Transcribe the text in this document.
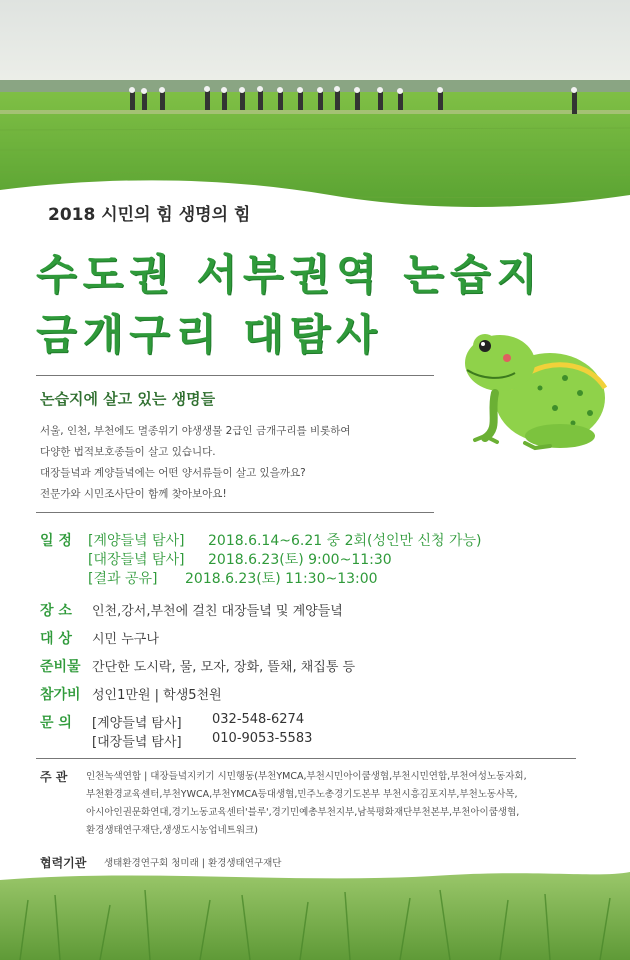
2018 시민의 힘 생명의 힘
수도권 서부권역 논습지
금개구리 대탐사
논습지에 살고 있는 생명들
서울, 인천, 부천에도 멸종위기 야생생물 2급인 금개구리를 비롯하여
다양한 법적보호종들이 살고 있습니다.
대장들녘과 계양들녘에는 어떤 양서류들이 살고 있을까요?
전문가와 시민조사단이 함께 찾아보아요!
일 정 [계양들녘 탐사] 2018.6.14~6.21 중 2회(성인만 신청 가능)
[대장들녘 탐사] 2018.6.23(토) 9:00~11:30
[결과 공유] 2018.6.23(토) 11:30~13:00
장 소 인천,강서,부천에 걸친 대장들녘 및 계양들녘
대 상 시민 누구나
준비물 간단한 도시락, 물, 모자, 장화, 뜰채, 채집통 등
참가비 성인1만원 | 학생5천원
문 의 [계양들녘 탐사] 032-548-6274
[대장들녘 탐사] 010-9053-5583
주 관 인천녹색연합 | 대장들녘지키기 시민행동(부천YMCA,부천시민아이쿱생협,부천시민연합,부천여성노동자회,
부천환경교육센터,부천YWCA,부천YMCA등대생협,민주노총경기도본부 부천시흥김포지부,부천노동사목,
아시아인권문화연대,경기노동교육센터'블루',경기민예총부천지부,남북평화재단부천본부,부천아이쿱생협,
환경생태연구재단,생생도시농업네트워크)
협력기관 생태환경연구회 청미래 | 환경생태연구재단
